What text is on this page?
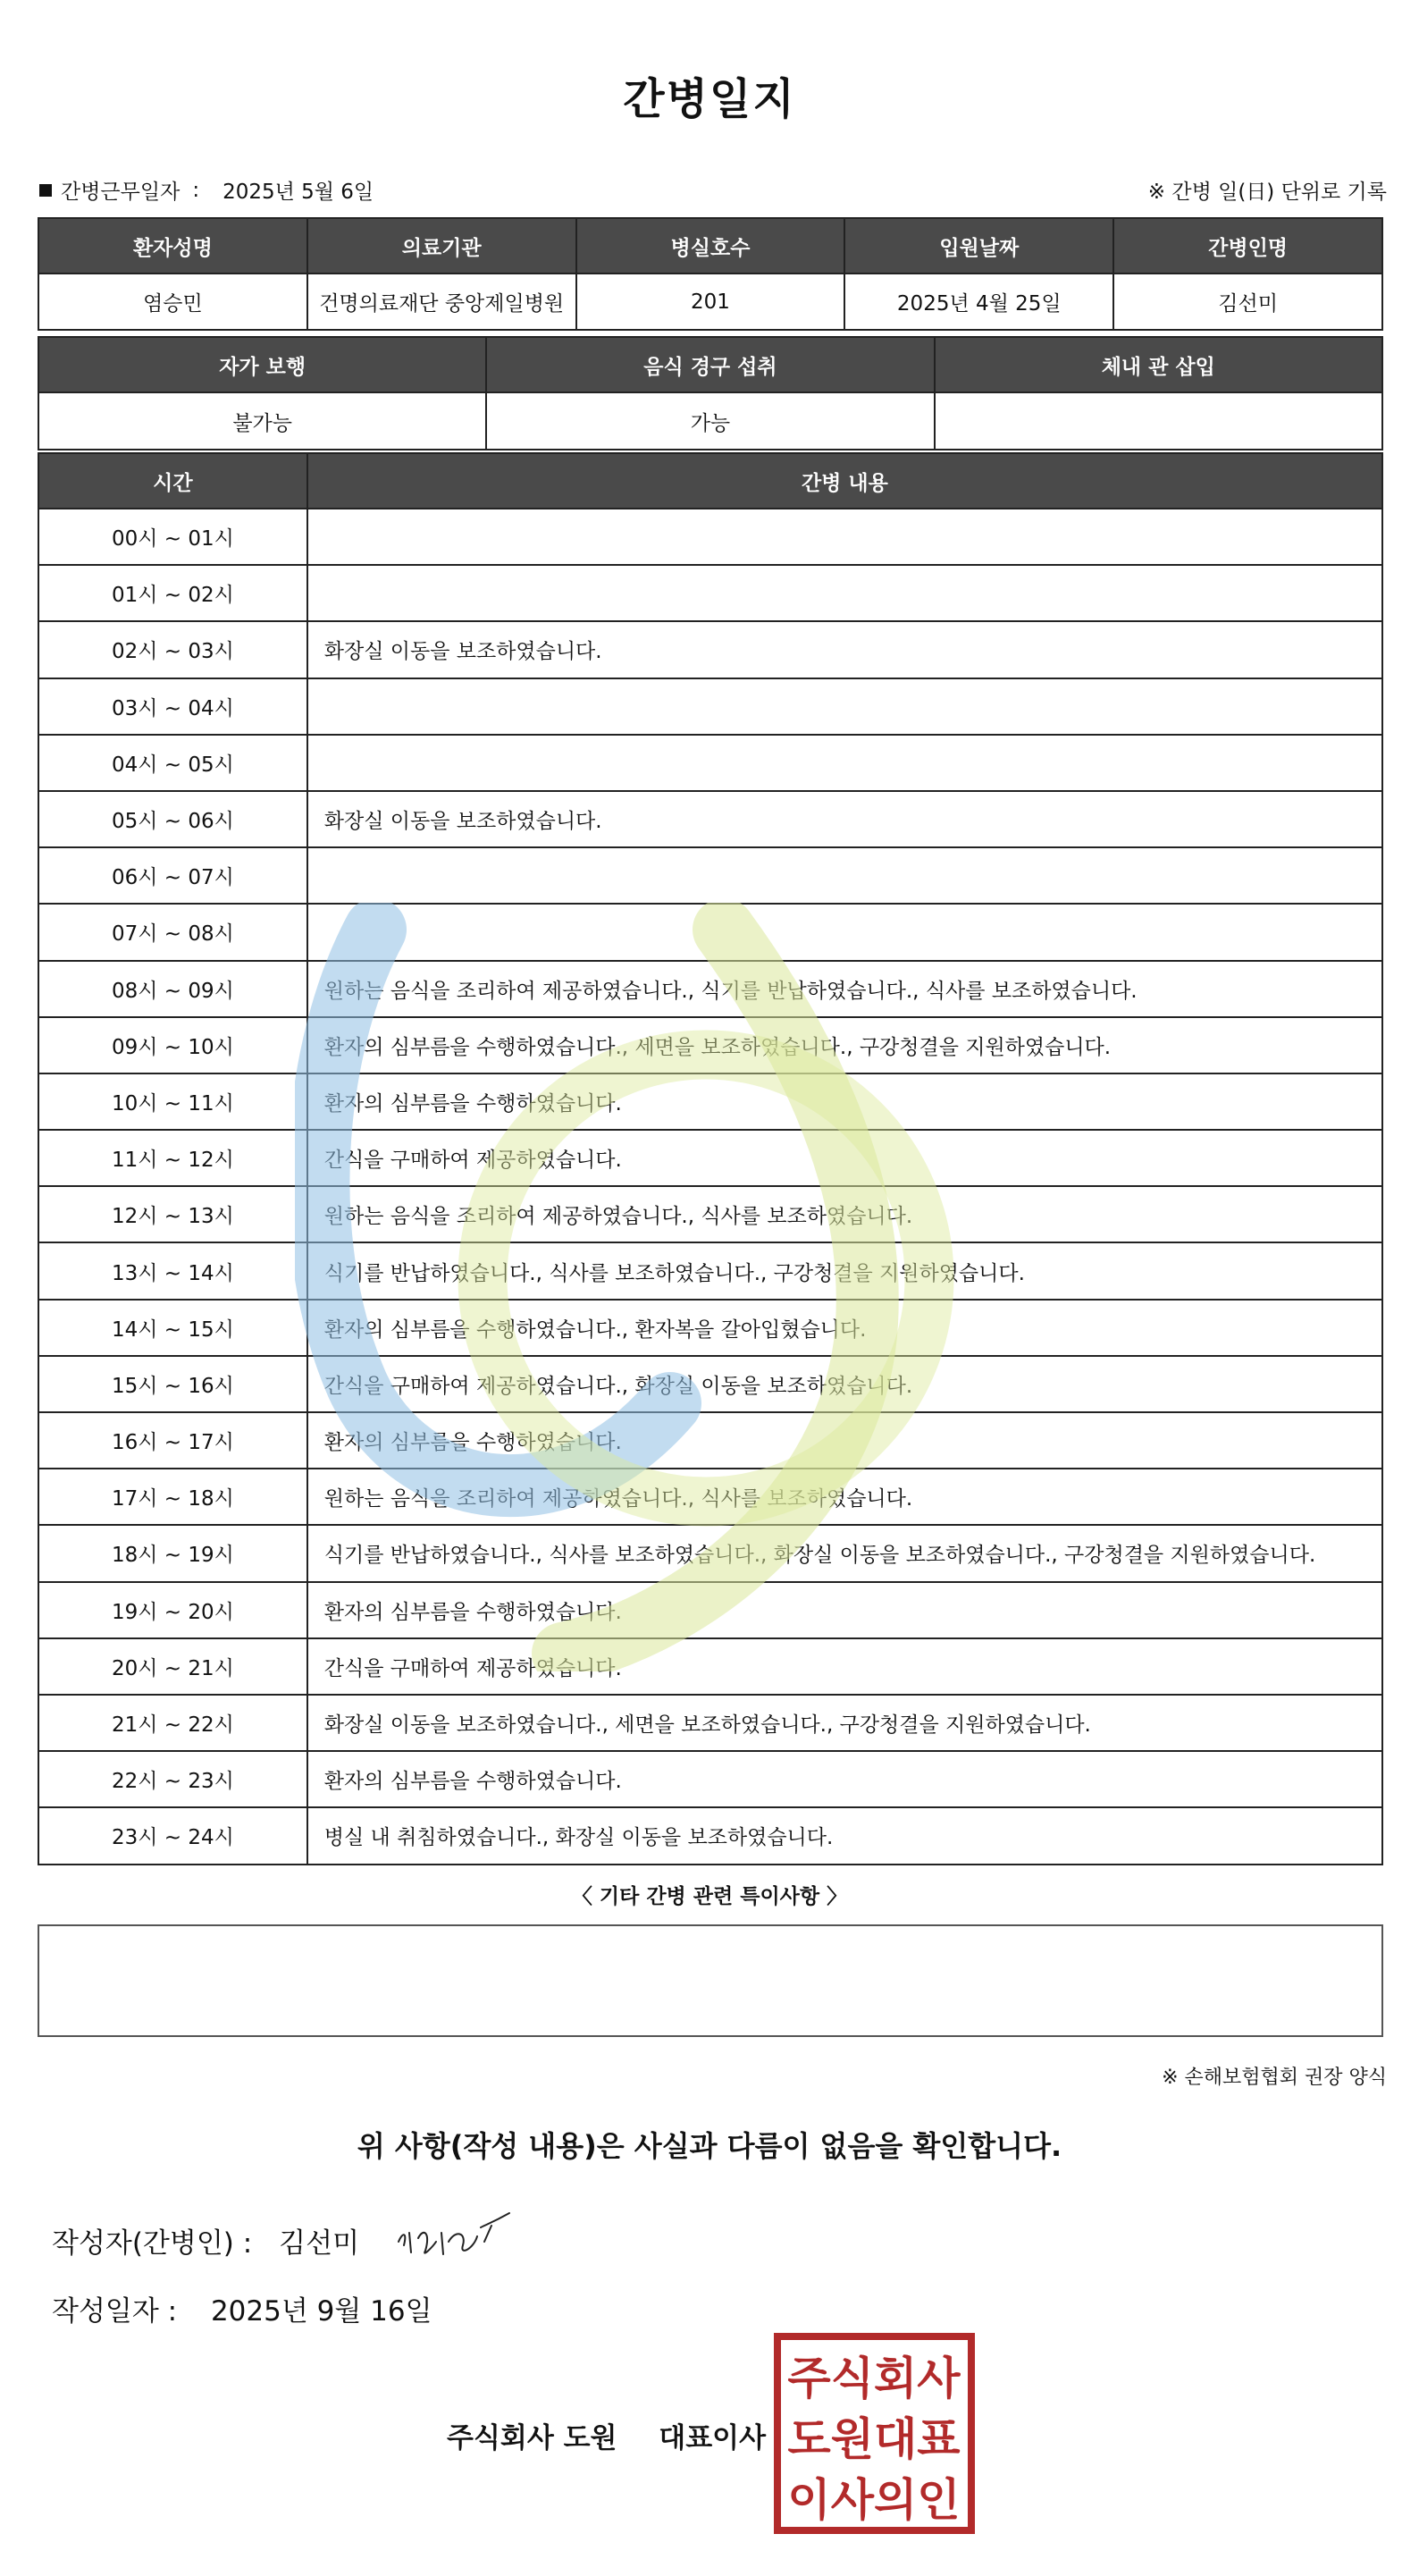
간병일지
간병근무일자 : 2025년 5월 6일	※ 간병 일(日) 단위로 기록
환자성명	의료기관	병실호수	입원날짜	간병인명
염승민	건명의료재단 중앙제일병원	201	2025년 4월 25일	김선미
자가 보행	음식 경구 섭취	체내 관 삽입
불가능	가능	
시간	간병 내용
00시 ~ 01시	
01시 ~ 02시	
02시 ~ 03시	화장실 이동을 보조하였습니다.
03시 ~ 04시	
04시 ~ 05시	
05시 ~ 06시	화장실 이동을 보조하였습니다.
06시 ~ 07시	
07시 ~ 08시	
08시 ~ 09시	원하는 음식을 조리하여 제공하였습니다., 식기를 반납하였습니다., 식사를 보조하였습니다.
09시 ~ 10시	환자의 심부름을 수행하였습니다., 세면을 보조하였습니다., 구강청결을 지원하였습니다.
10시 ~ 11시	환자의 심부름을 수행하였습니다.
11시 ~ 12시	간식을 구매하여 제공하였습니다.
12시 ~ 13시	원하는 음식을 조리하여 제공하였습니다., 식사를 보조하였습니다.
13시 ~ 14시	식기를 반납하였습니다., 식사를 보조하였습니다., 구강청결을 지원하였습니다.
14시 ~ 15시	환자의 심부름을 수행하였습니다., 환자복을 갈아입혔습니다.
15시 ~ 16시	간식을 구매하여 제공하였습니다., 화장실 이동을 보조하였습니다.
16시 ~ 17시	환자의 심부름을 수행하였습니다.
17시 ~ 18시	원하는 음식을 조리하여 제공하였습니다., 식사를 보조하였습니다.
18시 ~ 19시	식기를 반납하였습니다., 식사를 보조하였습니다., 화장실 이동을 보조하였습니다., 구강청결을 지원하였습니다.
19시 ~ 20시	환자의 심부름을 수행하였습니다.
20시 ~ 21시	간식을 구매하여 제공하였습니다.
21시 ~ 22시	화장실 이동을 보조하였습니다., 세면을 보조하였습니다., 구강청결을 지원하였습니다.
22시 ~ 23시	환자의 심부름을 수행하였습니다.
23시 ~ 24시	병실 내 취침하였습니다., 화장실 이동을 보조하였습니다.
〈 기타 간병 관련 특이사항 〉
※ 손해보험협회 권장 양식
위 사항(작성 내용)은 사실과 다름이 없음을 확인합니다.
작성자(간병인) : 김선미
작성일자 : 2025년 9월 16일
주식회사 도원 대표이사
주식회사
도원대표
이사의인
